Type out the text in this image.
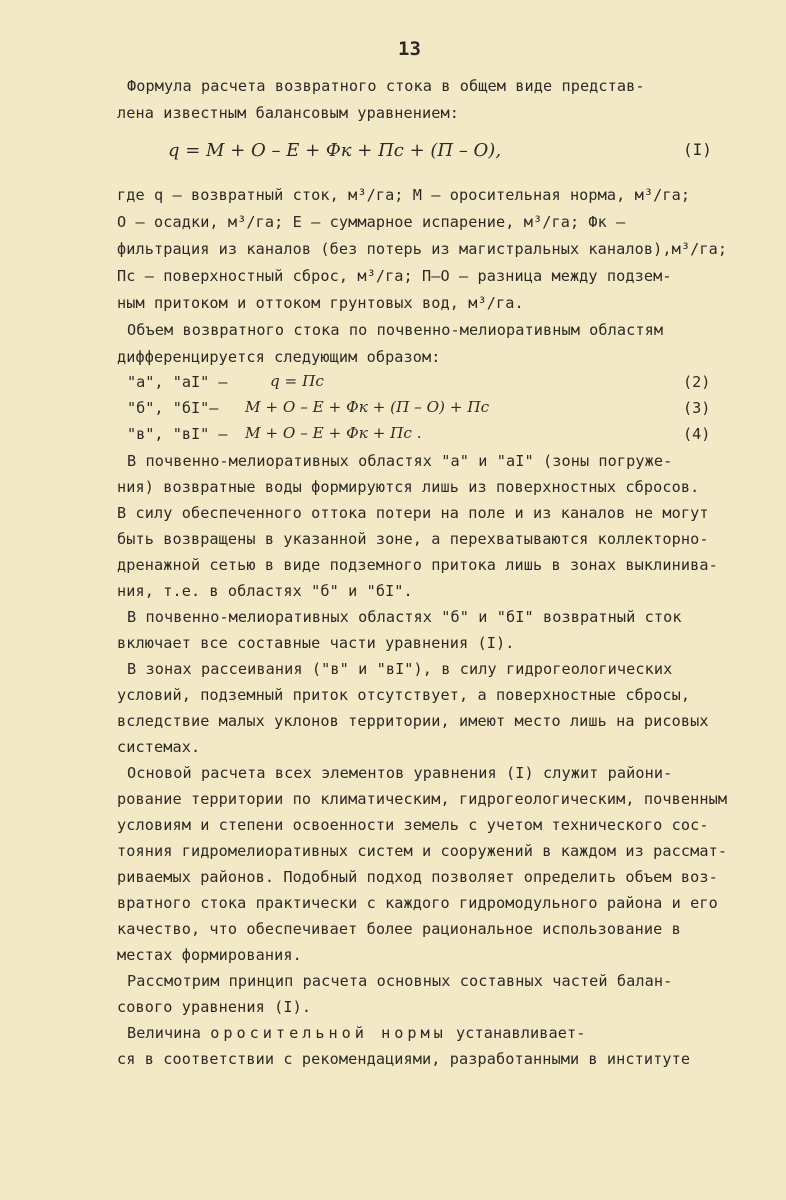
13
Формула расчета возвратного стока в общем виде представ-
лена известным балансовым уравнением:
q = M + O – E + Фк + Пс + (П – О),	(I)
где q – возвратный сток, м³/га; M – оросительная норма, м³/га;
O – осадки, м³/га; E – суммарное испарение, м³/га; Фк –
фильтрация из каналов (без потерь из магистральных каналов),м³/га;
Пс – поверхностный сброс, м³/га; П–О – разница между подзем-
ным притоком и оттоком грунтовых вод, м³/га.
Объем возвратного стока по почвенно-мелиоративным областям
дифференцируется следующим образом:
"а", "аI" –	q = Пс	(2)
"б", "бI"– M + O – E + Фк + (П – О) + Пс	(3)
"в", "вI" – M + O – E + Фк + Пс .	(4)
В почвенно-мелиоративных областях "а" и "аI" (зоны погруже-
ния) возвратные воды формируются лишь из поверхностных сбросов.
В силу обеспеченного оттока потери на поле и из каналов не могут
быть возвращены в указанной зоне, а перехватываются коллекторно-
дренажной сетью в виде подземного притока лишь в зонах выклинива-
ния, т.е. в областях "б" и "бI".
В почвенно-мелиоративных областях "б" и "бI" возвратный сток
включает все составные части уравнения (I).
В зонах рассеивания ("в" и "вI"), в силу гидрогеологических
условий, подземный приток отсутствует, а поверхностные сбросы,
вследствие малых уклонов территории, имеют место лишь на рисовых
системах.
Основой расчета всех элементов уравнения (I) служит райони-
рование территории по климатическим, гидрогеологическим, почвенным
условиям и степени освоенности земель с учетом технического сос-
тояния гидромелиоративных систем и сооружений в каждом из рассмат-
риваемых районов. Подобный подход позволяет определить объем воз-
вратного стока практически с каждого гидромодульного района и его
качество, что обеспечивает более рациональное использование в
местах формирования.
Рассмотрим принцип расчета основных составных частей балан-
сового уравнения (I).
Величина оросительной нормы устанавливает-
ся в соответствии с рекомендациями, разработанными в институте
